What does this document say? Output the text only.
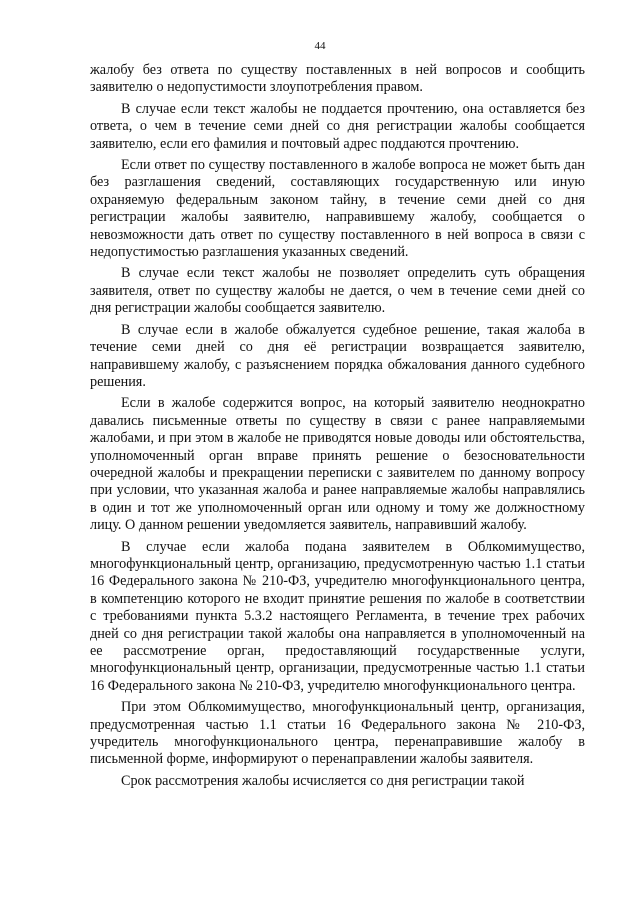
44

жалобу без ответа по существу поставленных в ней вопросов и сообщить заявителю о недопустимости злоупотребления правом.

В случае если текст жалобы не поддается прочтению, она оставляется без ответа, о чем в течение семи дней со дня регистрации жалобы сообщается заявителю, если его фамилия и почтовый адрес поддаются прочтению.

Если ответ по существу поставленного в жалобе вопроса не может быть дан без разглашения сведений, составляющих государственную или иную охраняемую федеральным законом тайну, в течение семи дней со дня регистрации жалобы заявителю, направившему жалобу, сообщается о невозможности дать ответ по существу поставленного в ней вопроса в связи с недопустимостью разглашения указанных сведений.

В случае если текст жалобы не позволяет определить суть обращения заявителя, ответ по существу жалобы не дается, о чем в течение семи дней со дня регистрации жалобы сообщается заявителю.

В случае если в жалобе обжалуется судебное решение, такая жалоба в течение семи дней со дня её регистрации возвращается заявителю, направившему жалобу, с разъяснением порядка обжалования данного судебного решения.

Если в жалобе содержится вопрос, на который заявителю неоднократно давались письменные ответы по существу в связи с ранее направляемыми жалобами, и при этом в жалобе не приводятся новые доводы или обстоятельства, уполномоченный орган вправе принять решение о безосновательности очередной жалобы и прекращении переписки с заявителем по данному вопросу при условии, что указанная жалоба и ранее направляемые жалобы направлялись в один и тот же уполномоченный орган или одному и тому же должностному лицу. О данном решении уведомляется заявитель, направивший жалобу.

В случае если жалоба подана заявителем в Облкомимущество, многофункциональный центр, организацию, предусмотренную частью 1.1 статьи 16 Федерального закона № 210-ФЗ, учредителю многофункционального центра, в компетенцию которого не входит принятие решения по жалобе в соответствии с требованиями пункта 5.3.2 настоящего Регламента, в течение трех рабочих дней со дня регистрации такой жалобы она направляется в уполномоченный на ее рассмотрение орган, предоставляющий государственные услуги, многофункциональный центр, организации, предусмотренные частью 1.1 статьи 16 Федерального закона № 210-ФЗ, учредителю многофункционального центра.

При этом Облкомимущество, многофункциональный центр, организация, предусмотренная частью 1.1 статьи 16 Федерального закона № 210-ФЗ, учредитель многофункционального центра, перенаправившие жалобу в письменной форме, информируют о перенаправлении жалобы заявителя.

Срок рассмотрения жалобы исчисляется со дня регистрации такой
